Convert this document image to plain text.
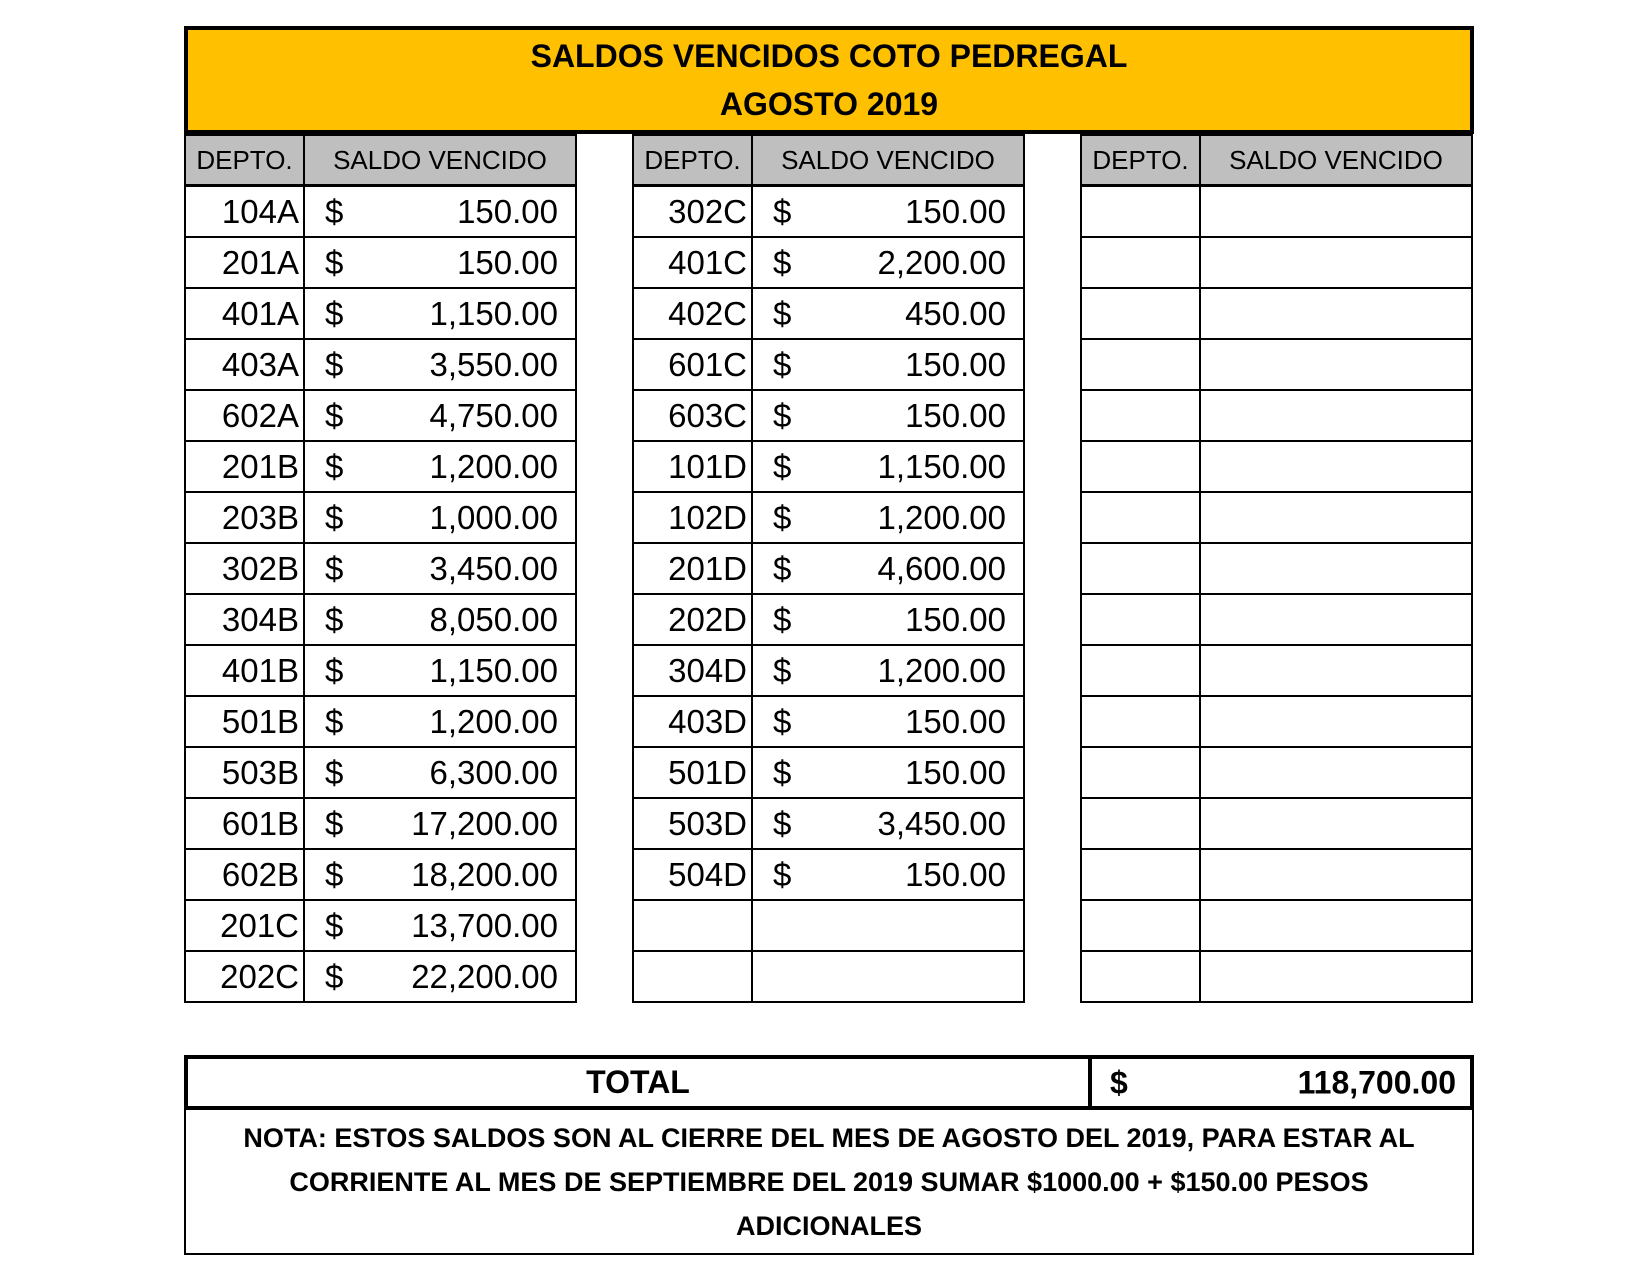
SALDOS VENCIDOS COTO PEDREGAL
AGOSTO 2019
DEPTO.	SALDO VENCIDO
104A	$ 150.00

201A	$ 150.00

401A	$ 1,150.00

403A	$ 3,550.00

602A	$ 4,750.00

201B	$ 1,200.00

203B	$ 1,000.00

302B	$ 3,450.00

304B	$ 8,050.00

401B	$ 1,150.00

501B	$ 1,200.00

503B	$ 6,300.00

601B	$ 17,200.00

602B	$ 18,200.00

201C	$ 13,700.00

202C	$ 22,200.00
DEPTO.	SALDO VENCIDO
302C	$ 150.00

401C	$ 2,200.00

402C	$ 450.00

601C	$ 150.00

603C	$ 150.00

101D	$ 1,150.00

102D	$ 1,200.00

201D	$ 4,600.00

202D	$ 150.00

304D	$ 1,200.00

403D	$ 150.00

501D	$ 150.00

503D	$ 3,450.00

504D	$ 150.00

DEPTO.	SALDO VENCIDO

TOTAL	$	118,700.00

NOTA: ESTOS SALDOS SON AL CIERRE DEL MES DE AGOSTO DEL 2019, PARA ESTAR AL CORRIENTE AL MES DE SEPTIEMBRE DEL 2019 SUMAR $1000.00 + $150.00 PESOS ADICIONALES
